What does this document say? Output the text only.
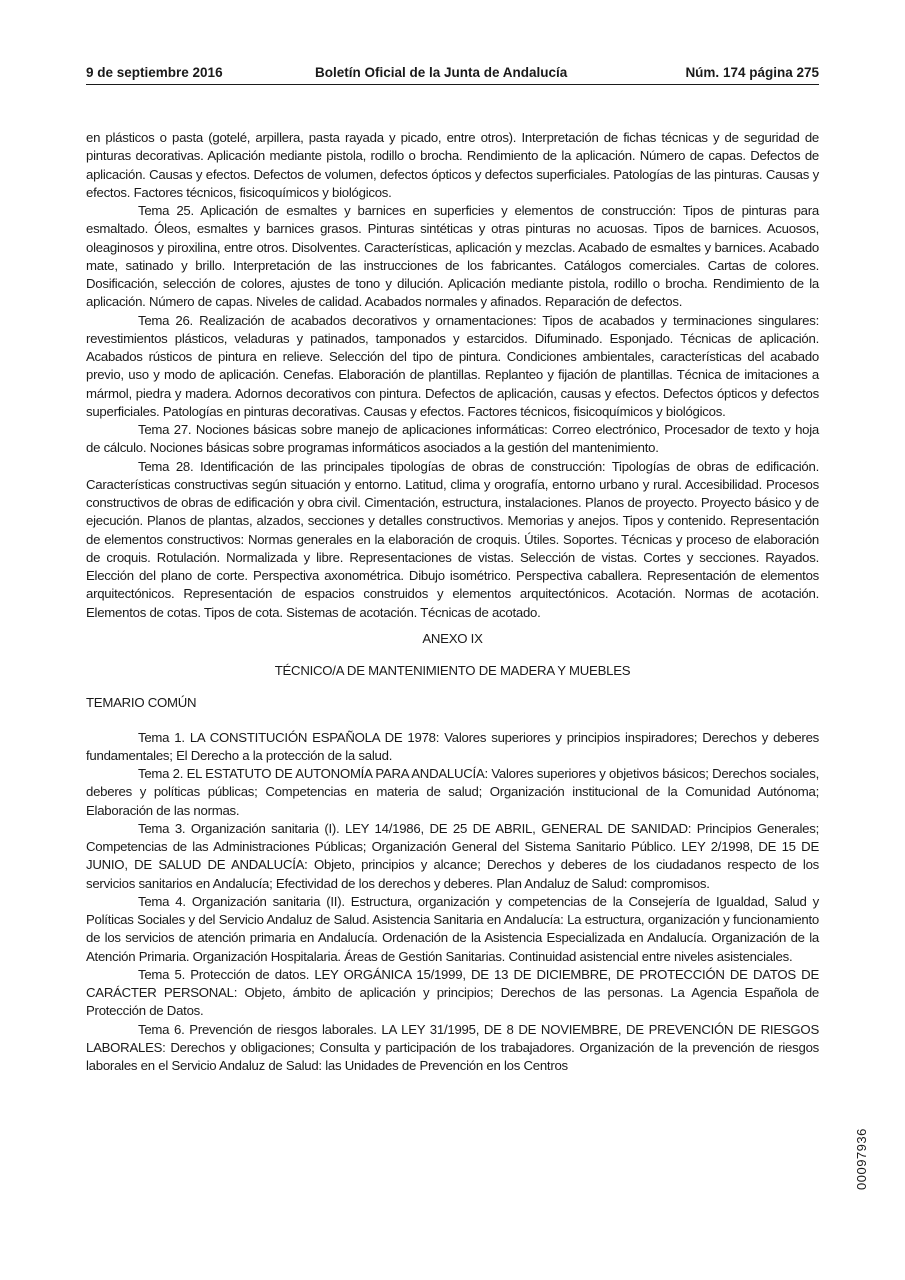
9 de septiembre 2016	Boletín Oficial de la Junta de Andalucía	Núm. 174 página 275

en plásticos o pasta (gotelé, arpillera, pasta rayada y picado, entre otros). Interpretación de fichas técnicas y de seguridad de pinturas decorativas. Aplicación mediante pistola, rodillo o brocha. Rendimiento de la aplicación. Número de capas. Defectos de aplicación. Causas y efectos. Defectos de volumen, defectos ópticos y defectos superficiales. Patologías de las pinturas. Causas y efectos. Factores técnicos, fisicoquímicos y biológicos.

Tema 25. Aplicación de esmaltes y barnices en superficies y elementos de construcción: Tipos de pinturas para esmaltado. Óleos, esmaltes y barnices grasos. Pinturas sintéticas y otras pinturas no acuosas. Tipos de barnices. Acuosos, oleaginosos y piroxilina, entre otros. Disolventes. Características, aplicación y mezclas. Acabado de esmaltes y barnices. Acabado mate, satinado y brillo. Interpretación de las instrucciones de los fabricantes. Catálogos comerciales. Cartas de colores. Dosificación, selección de colores, ajustes de tono y dilución. Aplicación mediante pistola, rodillo o brocha. Rendimiento de la aplicación. Número de capas. Niveles de calidad. Acabados normales y afinados. Reparación de defectos.

Tema 26. Realización de acabados decorativos y ornamentaciones: Tipos de acabados y terminaciones singulares: revestimientos plásticos, veladuras y patinados, tamponados y estarcidos. Difuminado. Esponjado. Técnicas de aplicación. Acabados rústicos de pintura en relieve. Selección del tipo de pintura. Condiciones ambientales, características del acabado previo, uso y modo de aplicación. Cenefas. Elaboración de plantillas. Replanteo y fijación de plantillas. Técnica de imitaciones a mármol, piedra y madera. Adornos decorativos con pintura. Defectos de aplicación, causas y efectos. Defectos ópticos y defectos superficiales. Patologías en pinturas decorativas. Causas y efectos. Factores técnicos, fisicoquímicos y biológicos.

Tema 27. Nociones básicas sobre manejo de aplicaciones informáticas: Correo electrónico, Procesador de texto y hoja de cálculo. Nociones básicas sobre programas informáticos asociados a la gestión del mantenimiento.

Tema 28. Identificación de las principales tipologías de obras de construcción: Tipologías de obras de edificación. Características constructivas según situación y entorno. Latitud, clima y orografía, entorno urbano y rural. Accesibilidad. Procesos constructivos de obras de edificación y obra civil. Cimentación, estructura, instalaciones. Planos de proyecto. Proyecto básico y de ejecución. Planos de plantas, alzados, secciones y detalles constructivos. Memorias y anejos. Tipos y contenido. Representación de elementos constructivos: Normas generales en la elaboración de croquis. Útiles. Soportes. Técnicas y proceso de elaboración de croquis. Rotulación. Normalizada y libre. Representaciones de vistas. Selección de vistas. Cortes y secciones. Rayados. Elección del plano de corte. Perspectiva axonométrica. Dibujo isométrico. Perspectiva caballera. Representación de elementos arquitectónicos. Representación de espacios construidos y elementos arquitectónicos. Acotación. Normas de acotación. Elementos de cotas. Tipos de cota. Sistemas de acotación. Técnicas de acotado.

ANEXO IX

TÉCNICO/A DE MANTENIMIENTO DE MADERA Y MUEBLES

TEMARIO COMÚN

Tema 1. LA CONSTITUCIÓN ESPAÑOLA DE 1978: Valores superiores y principios inspiradores; Derechos y deberes fundamentales; El Derecho a la protección de la salud.

Tema 2. EL ESTATUTO DE AUTONOMÍA PARA ANDALUCÍA: Valores superiores y objetivos básicos; Derechos sociales, deberes y políticas públicas; Competencias en materia de salud; Organización institucional de la Comunidad Autónoma; Elaboración de las normas.

Tema 3. Organización sanitaria (I). LEY 14/1986, DE 25 DE ABRIL, GENERAL DE SANIDAD: Principios Generales; Competencias de las Administraciones Públicas; Organización General del Sistema Sanitario Público. LEY 2/1998, DE 15 DE JUNIO, DE SALUD DE ANDALUCÍA: Objeto, principios y alcance; Derechos y deberes de los ciudadanos respecto de los servicios sanitarios en Andalucía; Efectividad de los derechos y deberes. Plan Andaluz de Salud: compromisos.

Tema 4. Organización sanitaria (II). Estructura, organización y competencias de la Consejería de Igualdad, Salud y Políticas Sociales y del Servicio Andaluz de Salud. Asistencia Sanitaria en Andalucía: La estructura, organización y funcionamiento de los servicios de atención primaria en Andalucía. Ordenación de la Asistencia Especializada en Andalucía. Organización de la Atención Primaria. Organización Hospitalaria. Áreas de Gestión Sanitarias. Continuidad asistencial entre niveles asistenciales.

Tema 5. Protección de datos. LEY ORGÁNICA 15/1999, DE 13 DE DICIEMBRE, DE PROTECCIÓN DE DATOS DE CARÁCTER PERSONAL: Objeto, ámbito de aplicación y principios; Derechos de las personas. La Agencia Española de Protección de Datos.

Tema 6. Prevención de riesgos laborales. LA LEY 31/1995, DE 8 DE NOVIEMBRE, DE PREVENCIÓN DE RIESGOS LABORALES: Derechos y obligaciones; Consulta y participación de los trabajadores. Organización de la prevención de riesgos laborales en el Servicio Andaluz de Salud: las Unidades de Prevención en los Centros

00097936
